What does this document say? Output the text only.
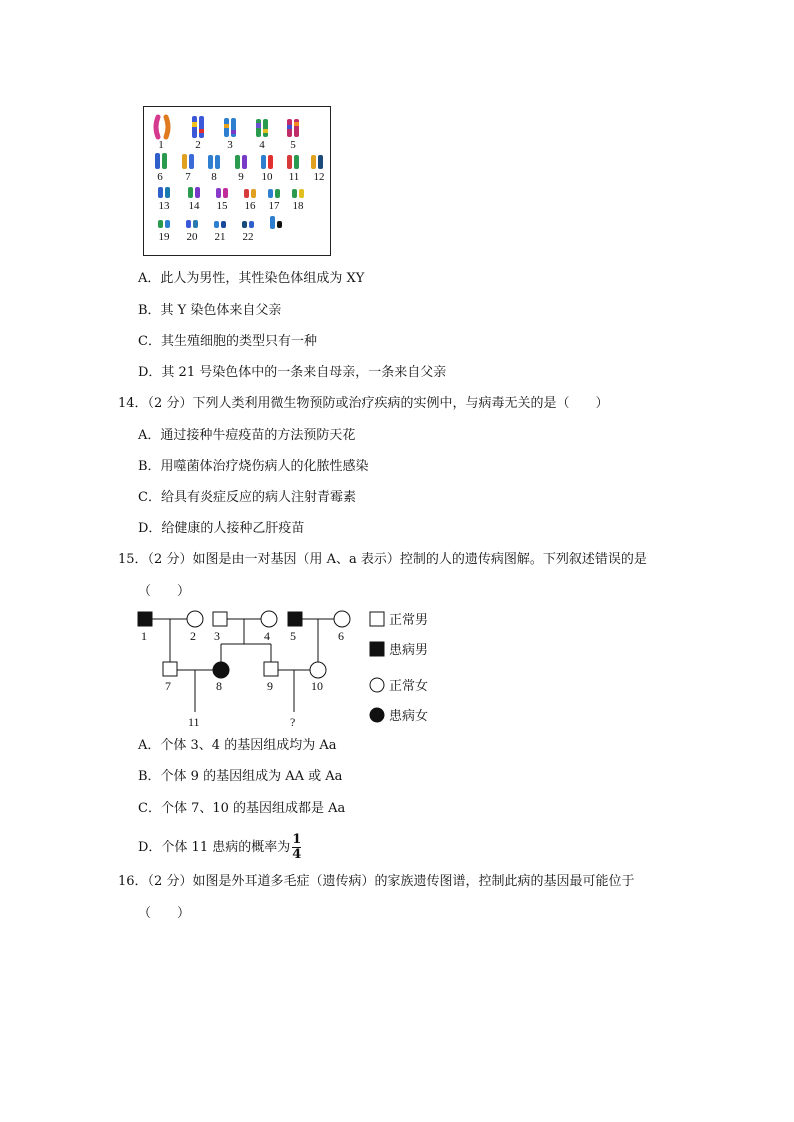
1	2 3 4 5
6 7 8 9 10 11 12
13 14 15 16 17 18
19 20 21 22
A．此人为男性，其性染色体组成为 XY
B．其 Y 染色体来自父亲
C．其生殖细胞的类型只有一种
D．其 21 号染色体中的一条来自母亲，一条来自父亲
14．（2 分）下列人类利用微生物预防或治疗疾病的实例中，与病毒无关的是（　　）
A．通过接种牛痘疫苗的方法预防天花
B．用噬菌体治疗烧伤病人的化脓性感染
C．给具有炎症反应的病人注射青霉素
D．给健康的人接种乙肝疫苗
15．（2 分）如图是由一对基因（用 A、a 表示）控制的人的遗传病图解。下列叙述错误的是
（　　）
1	2 3	4 5	6
7	8	9	10
11	?
正常男
患病男
正常女
患病女
A．个体 3、4 的基因组成均为 Aa
B．个体 9 的基因组成为 AA 或 Aa
C．个体 7、10 的基因组成都是 Aa
D．个体 11 患病的概率为 $\frac{1}{4}$
16．（2 分）如图是外耳道多毛症（遗传病）的家族遗传图谱，控制此病的基因最可能位于
（　　）
